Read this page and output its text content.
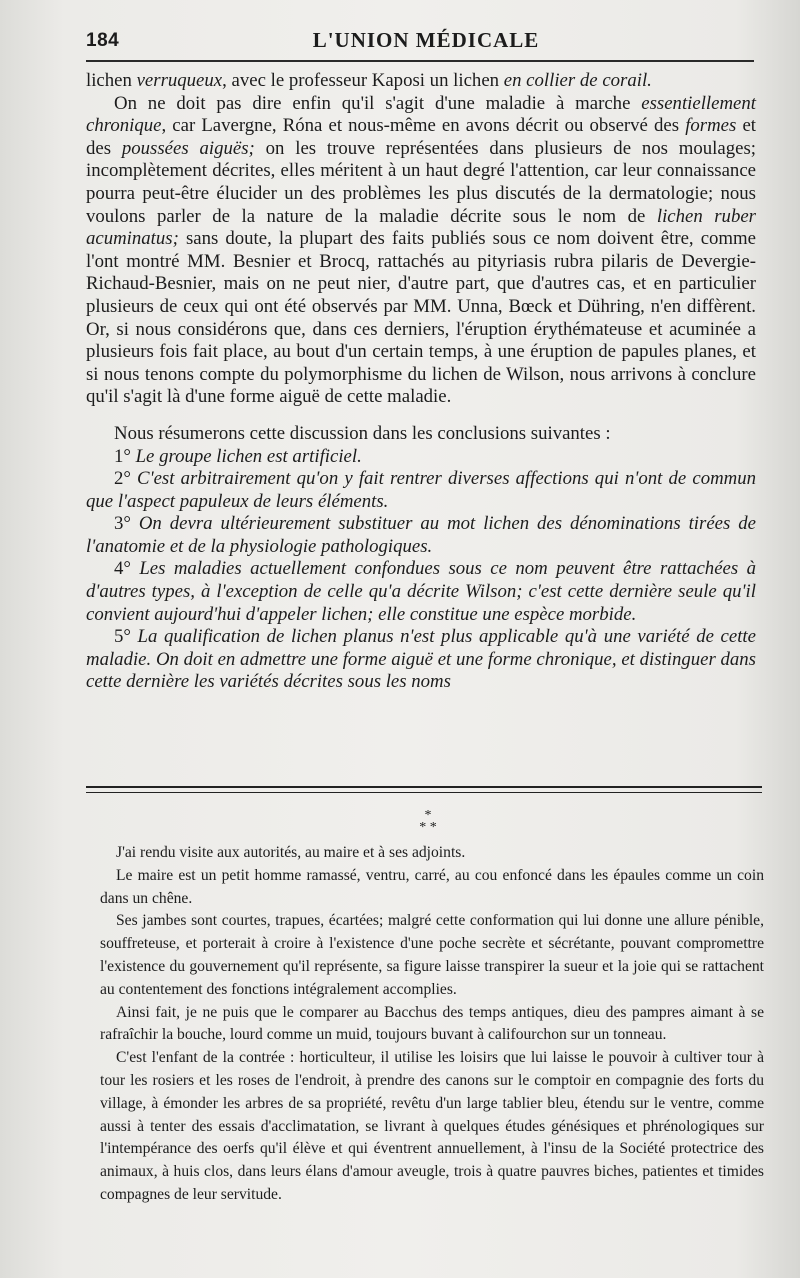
184	L'UNION MÉDICALE

lichen verruqueux, avec le professeur Kaposi un lichen en collier de corail.

On ne doit pas dire enfin qu'il s'agit d'une maladie à marche essentiellement chronique, car Lavergne, Róna et nous-même en avons décrit ou observé des formes et des poussées aiguës; on les trouve représentées dans plusieurs de nos moulages; incomplètement décrites, elles méritent à un haut degré l'attention, car leur connaissance pourra peut-être élucider un des problèmes les plus discutés de la dermatologie; nous voulons parler de la nature de la maladie décrite sous le nom de lichen ruber acuminatus; sans doute, la plupart des faits publiés sous ce nom doivent être, comme l'ont montré MM. Besnier et Brocq, rattachés au pityriasis rubra pilaris de Devergie-Richaud-Besnier, mais on ne peut nier, d'autre part, que d'autres cas, et en particulier plusieurs de ceux qui ont été observés par MM. Unna, Bœck et Dühring, n'en diffèrent. Or, si nous considérons que, dans ces derniers, l'éruption érythémateuse et acuminée a plusieurs fois fait place, au bout d'un certain temps, à une éruption de papules planes, et si nous tenons compte du polymorphisme du lichen de Wilson, nous arrivons à conclure qu'il s'agit là d'une forme aiguë de cette maladie.

Nous résumerons cette discussion dans les conclusions suivantes :

1° Le groupe lichen est artificiel.

2° C'est arbitrairement qu'on y fait rentrer diverses affections qui n'ont de commun que l'aspect papuleux de leurs éléments.

3° On devra ultérieurement substituer au mot lichen des dénominations tirées de l'anatomie et de la physiologie pathologiques.

4° Les maladies actuellement confondues sous ce nom peuvent être rattachées à d'autres types, à l'exception de celle qu'a décrite Wilson; c'est cette dernière seule qu'il convient aujourd'hui d'appeler lichen; elle constitue une espèce morbide.

5° La qualification de lichen planus n'est plus applicable qu'à une variété de cette maladie. On doit en admettre une forme aiguë et une forme chronique, et distinguer dans cette dernière les variétés décrites sous les noms

*
* *

J'ai rendu visite aux autorités, au maire et à ses adjoints.

Le maire est un petit homme ramassé, ventru, carré, au cou enfoncé dans les épaules comme un coin dans un chêne.

Ses jambes sont courtes, trapues, écartées; malgré cette conformation qui lui donne une allure pénible, souffreteuse, et porterait à croire à l'existence d'une poche secrète et sécrétante, pouvant compromettre l'existence du gouvernement qu'il représente, sa figure laisse transpirer la sueur et la joie qui se rattachent au contentement des fonctions intégralement accomplies.

Ainsi fait, je ne puis que le comparer au Bacchus des temps antiques, dieu des pampres aimant à se rafraîchir la bouche, lourd comme un muid, toujours buvant à califourchon sur un tonneau.

C'est l'enfant de la contrée : horticulteur, il utilise les loisirs que lui laisse le pouvoir à cultiver tour à tour les rosiers et les roses de l'endroit, à prendre des canons sur le comptoir en compagnie des forts du village, à émonder les arbres de sa propriété, revêtu d'un large tablier bleu, étendu sur le ventre, comme aussi à tenter des essais d'acclimatation, se livrant à quelques études génésiques et phrénologiques sur l'intempérance des oerfs qu'il élève et qui éventrent annuellement, à l'insu de la Société protectrice des animaux, à huis clos, dans leurs élans d'amour aveugle, trois à quatre pauvres biches, patientes et timides compagnes de leur servitude.
